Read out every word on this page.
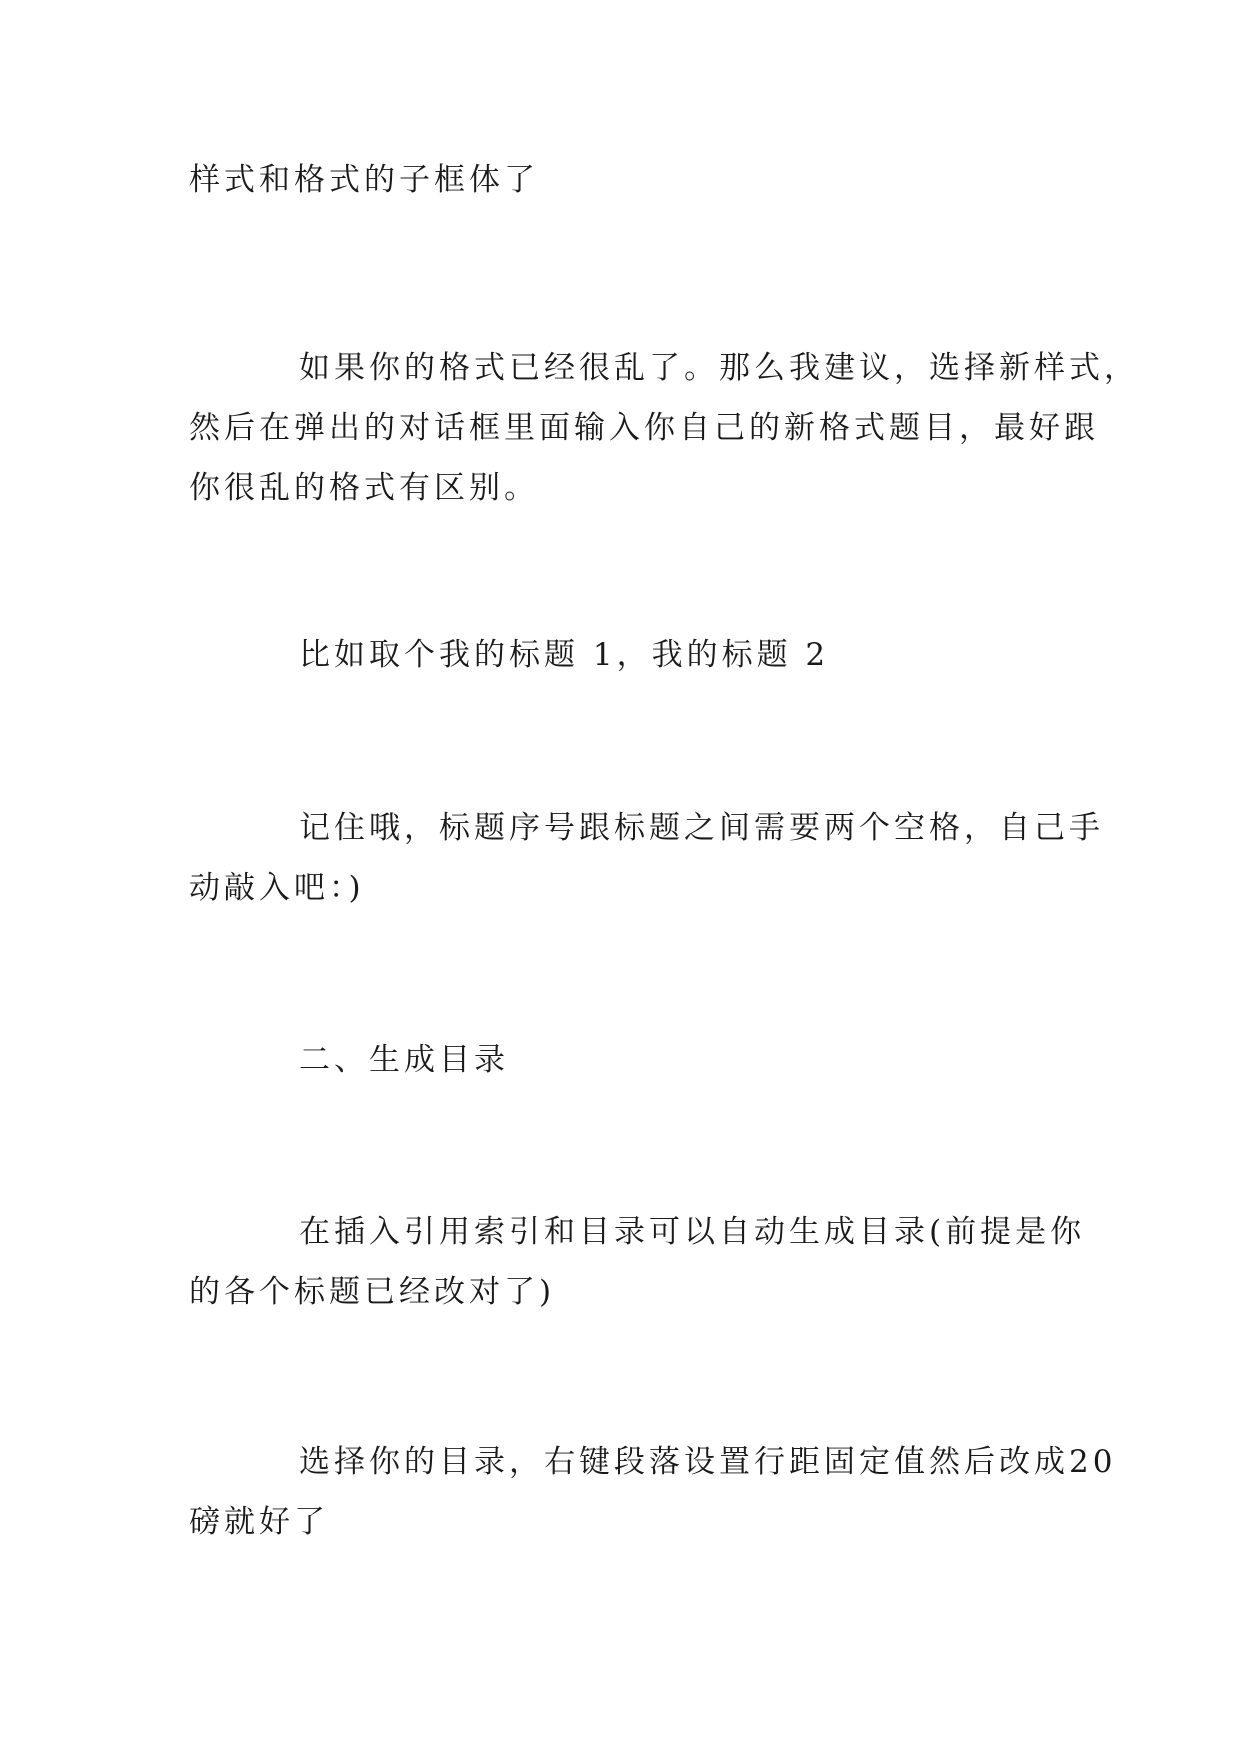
样式和格式的子框体了

如果你的格式已经很乱了。那么我建议，选择新样式，
然后在弹出的对话框里面输入你自己的新格式题目，最好跟
你很乱的格式有区别。

比如取个我的标题 1，我的标题 2

记住哦，标题序号跟标题之间需要两个空格，自己手
动敲入吧：)

二、生成目录

在插入引用索引和目录可以自动生成目录(前提是你
的各个标题已经改对了)

选择你的目录，右键段落设置行距固定值然后改成20
磅就好了
